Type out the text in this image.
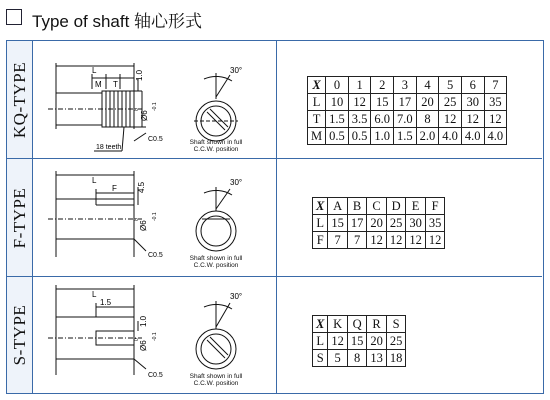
Type of shaft 轴心形式
KQ-TYPE	L
M T
1.0
Ø6
0 -0.1
C0.5
18 teeth
30°
Shaft shown in full
C.C.W. position
X	0	1	2	3	4	5	6	7
L	10	12	15	17	20	25	30	35
T	1.5	3.5	6.0	7.0	8	12	12	12
M	0.5	0.5	1.0	1.5	2.0	4.0	4.0	4.0
F-TYPE
L
F	4.5
Ø6
0 -0.1
C0.5
30°
Shaft shown in full
C.C.W. position
X	A	B	C	D	E	F
L	15	17	20	25	30	35
F	7	7	12	12	12	12
S-TYPE
L
1.5
1.0
Ø6
0 -0.1
C0.5
30°
Shaft shown in full
C.C.W. position
X	K	Q	R	S
L	12	15	20	25
S	5	8	13	18
